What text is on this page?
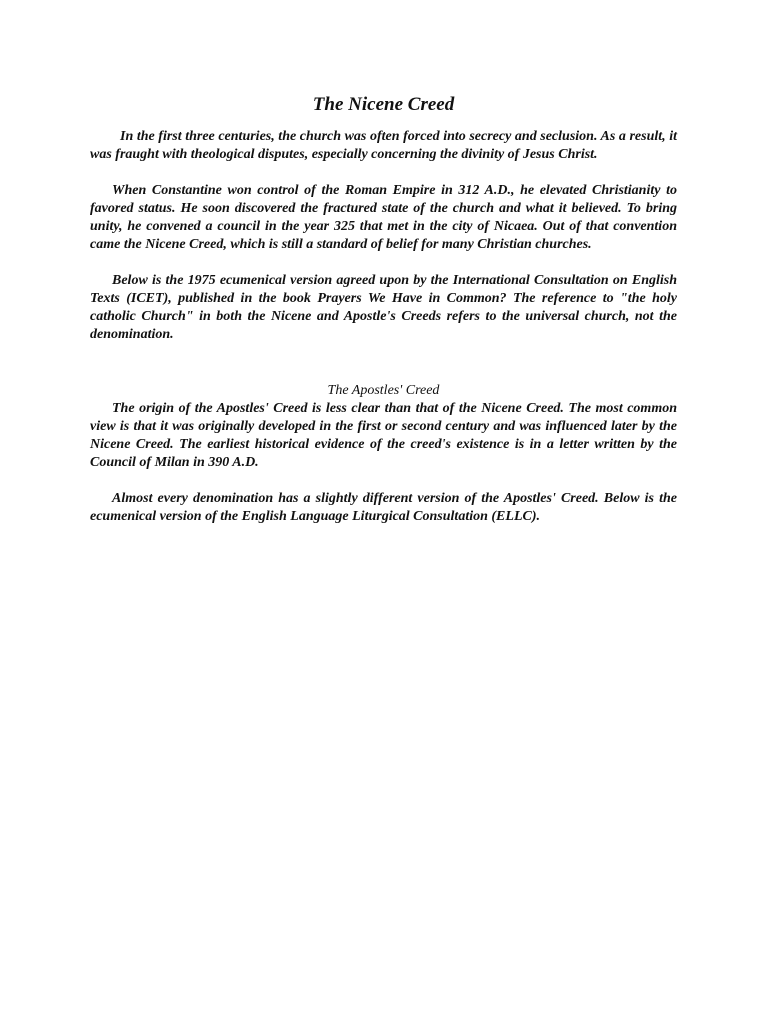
The Nicene Creed

In the first three centuries, the church was often forced into secrecy and seclusion. As a result, it was fraught with theological disputes, especially concerning the divinity of Jesus Christ.

When Constantine won control of the Roman Empire in 312 A.D., he elevated Christianity to favored status. He soon discovered the fractured state of the church and what it believed. To bring unity, he convened a council in the year 325 that met in the city of Nicaea. Out of that convention came the Nicene Creed, which is still a standard of belief for many Christian churches.

Below is the 1975 ecumenical version agreed upon by the International Consultation on English Texts (ICET), published in the book Prayers We Have in Common? The reference to "the holy catholic Church" in both the Nicene and Apostle's Creeds refers to the universal church, not the denomination.

The Apostles' Creed

The origin of the Apostles' Creed is less clear than that of the Nicene Creed. The most common view is that it was originally developed in the first or second century and was influenced later by the Nicene Creed. The earliest historical evidence of the creed's existence is in a letter written by the Council of Milan in 390 A.D.

Almost every denomination has a slightly different version of the Apostles' Creed. Below is the ecumenical version of the English Language Liturgical Consultation (ELLC).
